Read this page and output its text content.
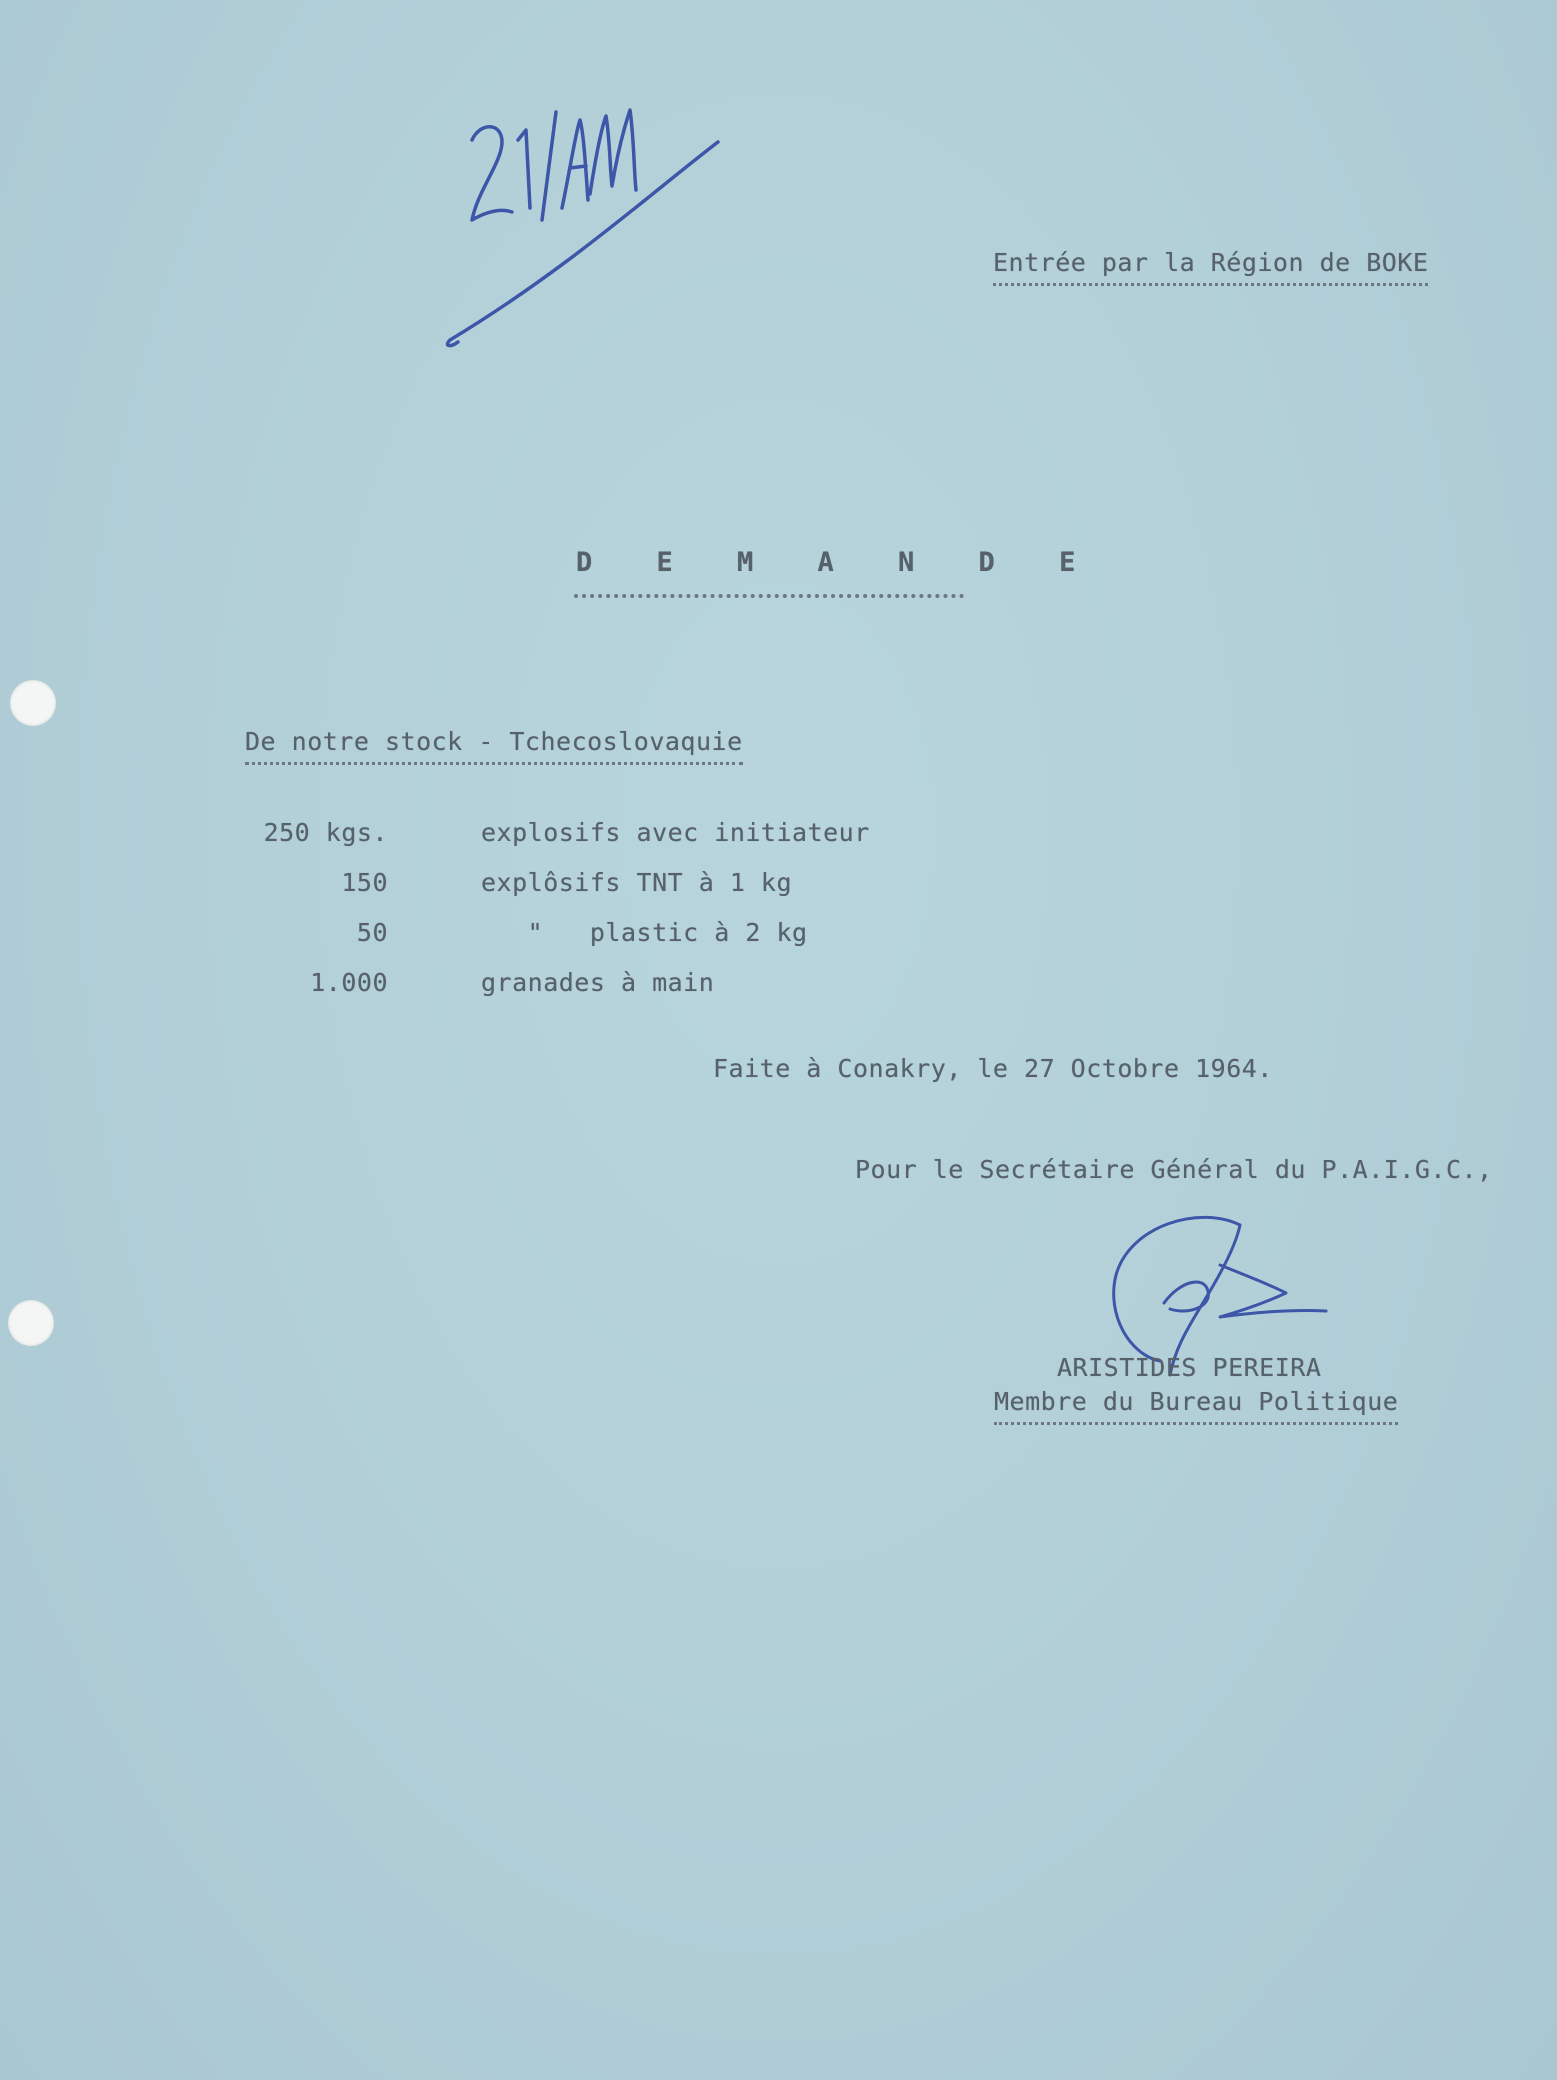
Entrée par la Région de BOKE
D E M A N D E
De notre stock - Tchecoslovaquie
250 kgs.	explosifs avec initiateur
150	explôsifs TNT à 1 kg
50	"   plastic à 2 kg
1.000	granades à main
Faite à Conakry, le 27 Octobre 1964.
Pour le Secrétaire Général du P.A.I.G.C.,
ARISTIDES PEREIRA
Membre du Bureau Politique
